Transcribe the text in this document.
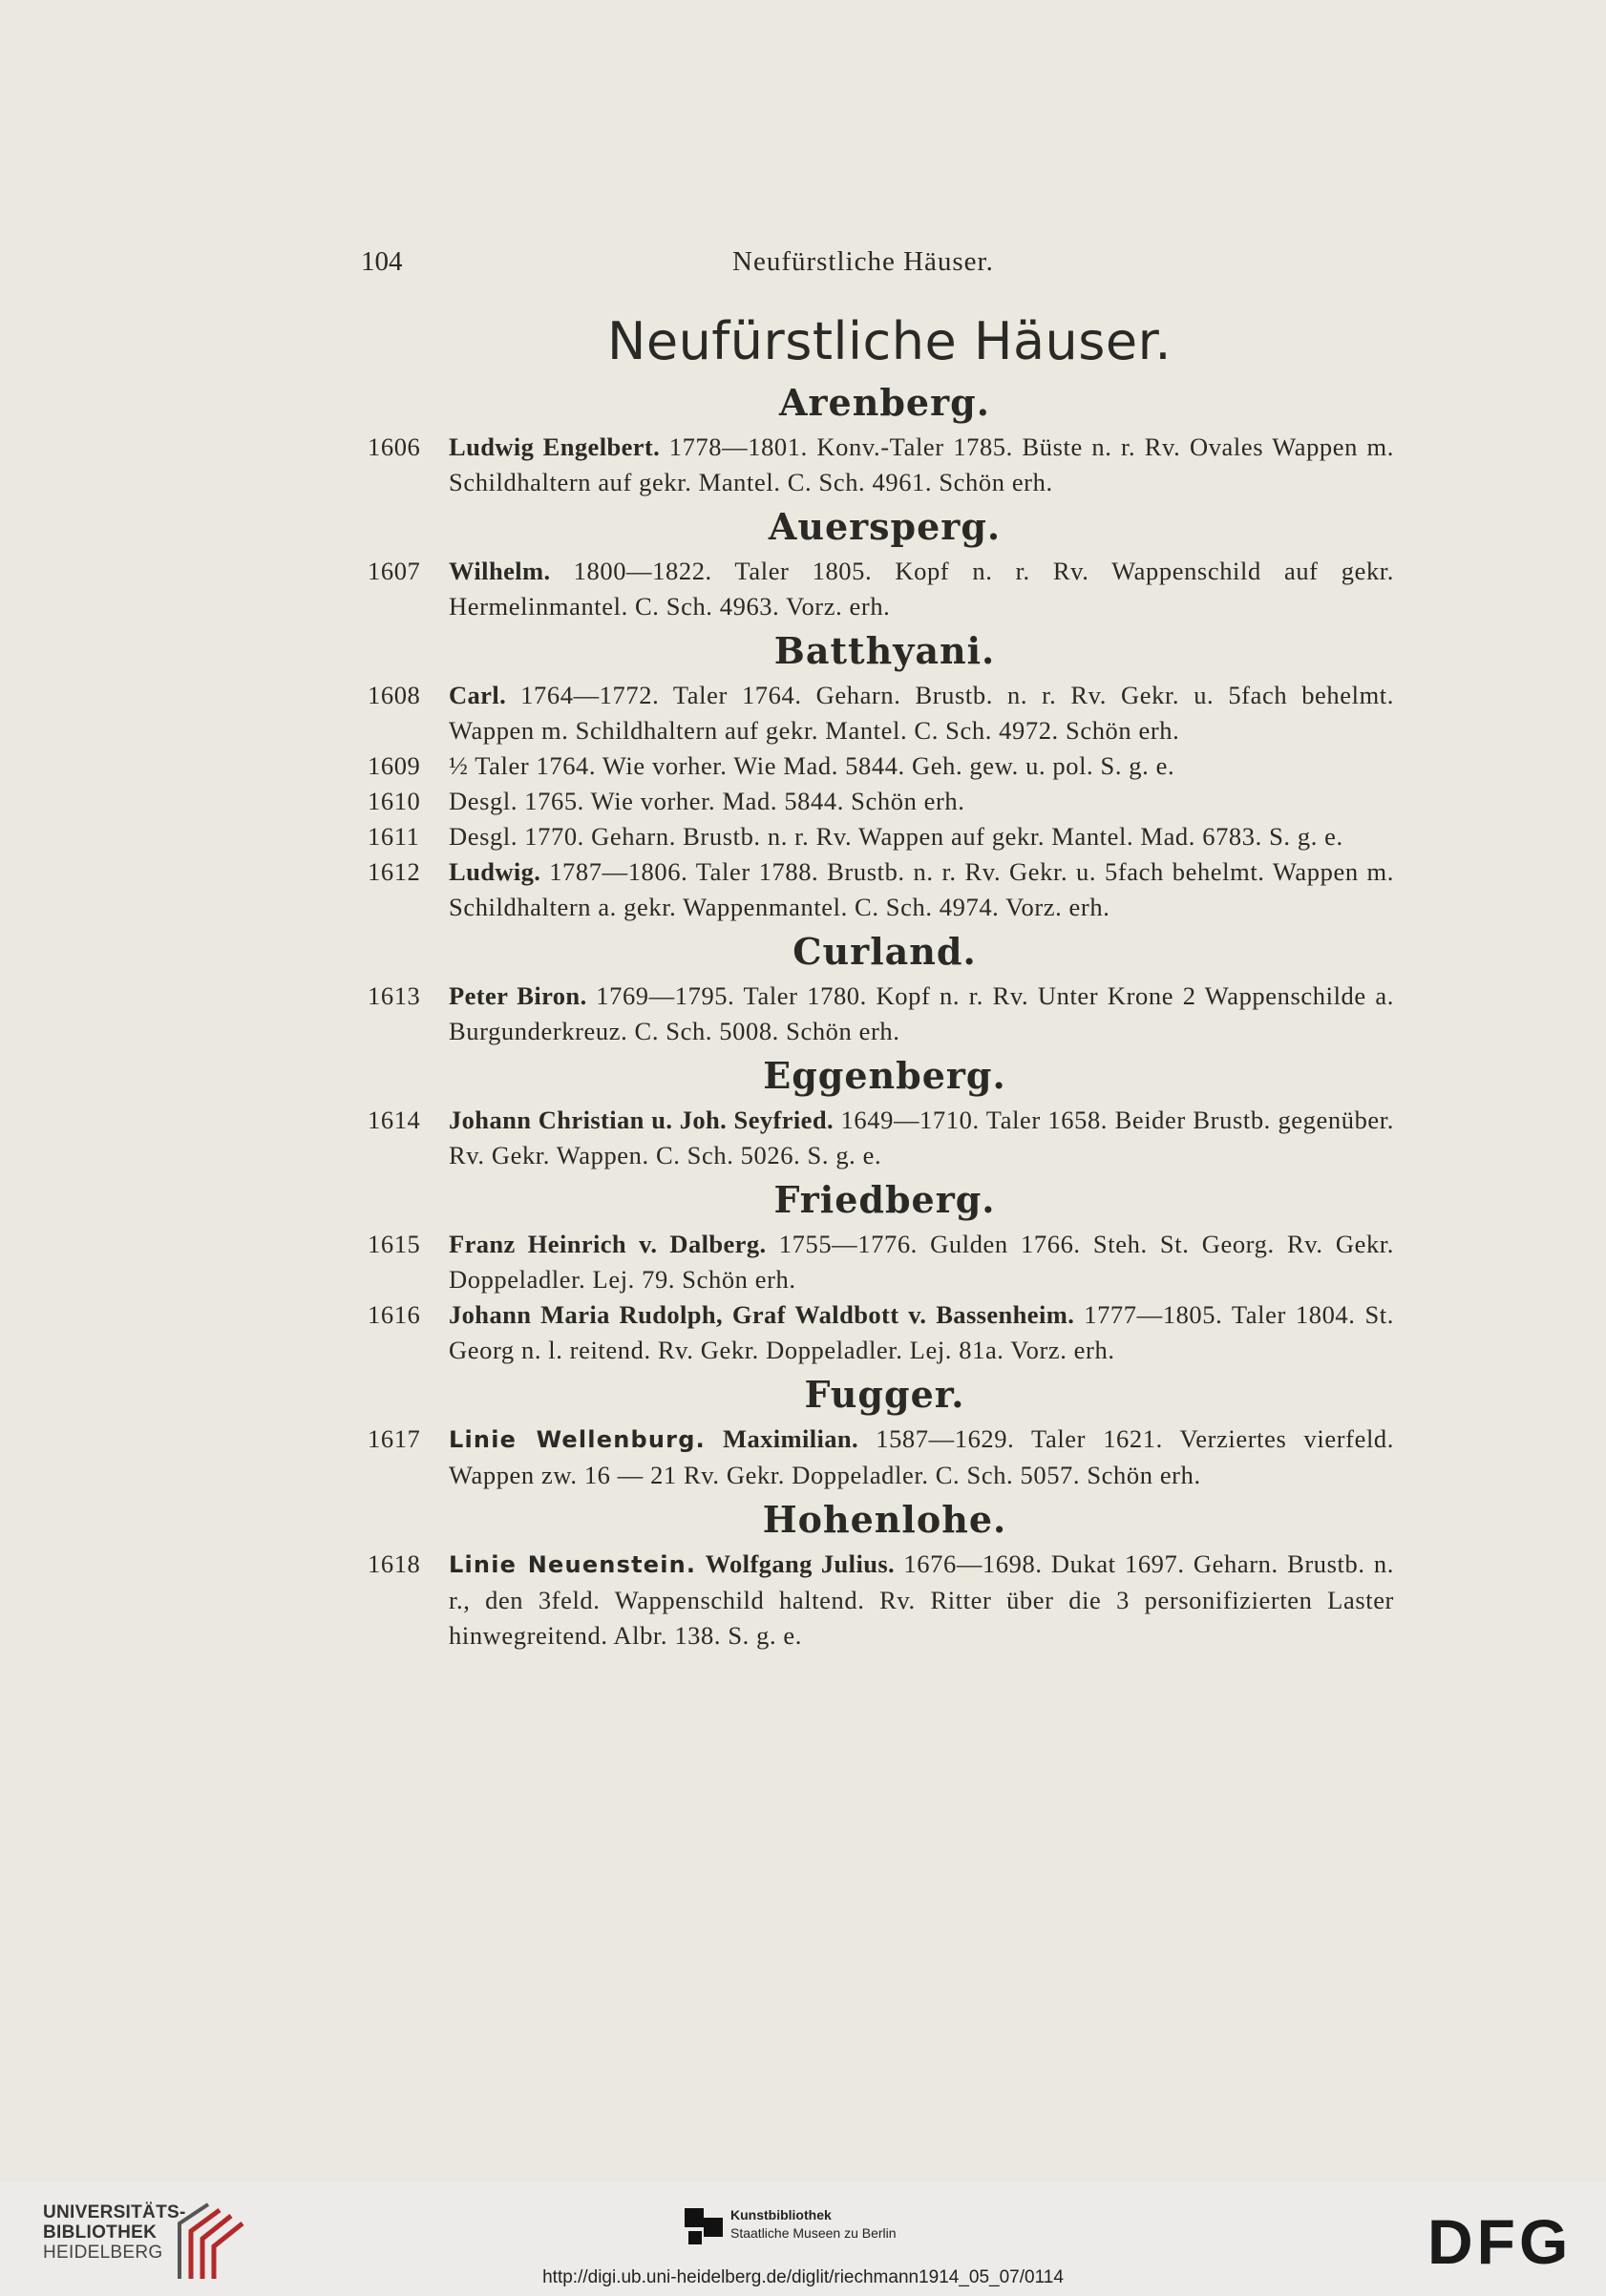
104	Neufürstliche Häuser.
Neufürstliche Häuser.
Arenberg.
1606 Ludwig Engelbert. 1778—1801. Konv.-Taler 1785. Büste n. r. Rv. Ovales Wappen m. Schildhaltern auf gekr. Mantel. C. Sch. 4961. Schön erh.
Auersperg.
1607 Wilhelm. 1800—1822. Taler 1805. Kopf n. r. Rv. Wappenschild auf gekr. Hermelinmantel. C. Sch. 4963. Vorz. erh.
Batthyani.
1608 Carl. 1764—1772. Taler 1764. Geharn. Brustb. n. r. Rv. Gekr. u. 5fach behelmt. Wappen m. Schildhaltern auf gekr. Mantel. C. Sch. 4972. Schön erh.
1609 ½ Taler 1764. Wie vorher. Wie Mad. 5844. Geh. gew. u. pol. S. g. e.
1610 Desgl. 1765. Wie vorher. Mad. 5844. Schön erh.
1611 Desgl. 1770. Geharn. Brustb. n. r. Rv. Wappen auf gekr. Mantel. Mad. 6783. S. g. e.
1612 Ludwig. 1787—1806. Taler 1788. Brustb. n. r. Rv. Gekr. u. 5fach behelmt. Wappen m. Schildhaltern a. gekr. Wappenmantel. C. Sch. 4974. Vorz. erh.
Curland.
1613 Peter Biron. 1769—1795. Taler 1780. Kopf n. r. Rv. Unter Krone 2 Wappenschilde a. Burgunderkreuz. C. Sch. 5008. Schön erh.
Eggenberg.
1614 Johann Christian u. Joh. Seyfried. 1649—1710. Taler 1658. Beider Brustb. gegenüber. Rv. Gekr. Wappen. C. Sch. 5026. S. g. e.
Friedberg.
1615 Franz Heinrich v. Dalberg. 1755—1776. Gulden 1766. Steh. St. Georg. Rv. Gekr. Doppeladler. Lej. 79. Schön erh.
1616 Johann Maria Rudolph, Graf Waldbott v. Bassenheim. 1777—1805. Taler 1804. St. Georg n. l. reitend. Rv. Gekr. Doppeladler. Lej. 81a. Vorz. erh.
Fugger.
1617 Linie Wellenburg. Maximilian. 1587—1629. Taler 1621. Verziertes vierfeld. Wappen zw. 16 — 21 Rv. Gekr. Doppeladler. C. Sch. 5057. Schön erh.
Hohenlohe.
1618 Linie Neuenstein. Wolfgang Julius. 1676—1698. Dukat 1697. Geharn. Brustb. n. r., den 3feld. Wappenschild haltend. Rv. Ritter über die 3 personifizierten Laster hinwegreitend. Albr. 138. S. g. e.
UNIVERSITÄTS-
BIBLIOTHEK
HEIDELBERG
Kunstbibliothek
Staatliche Museen zu Berlin	DFG
http://digi.ub.uni-heidelberg.de/diglit/riechmann1914_05_07/0114
